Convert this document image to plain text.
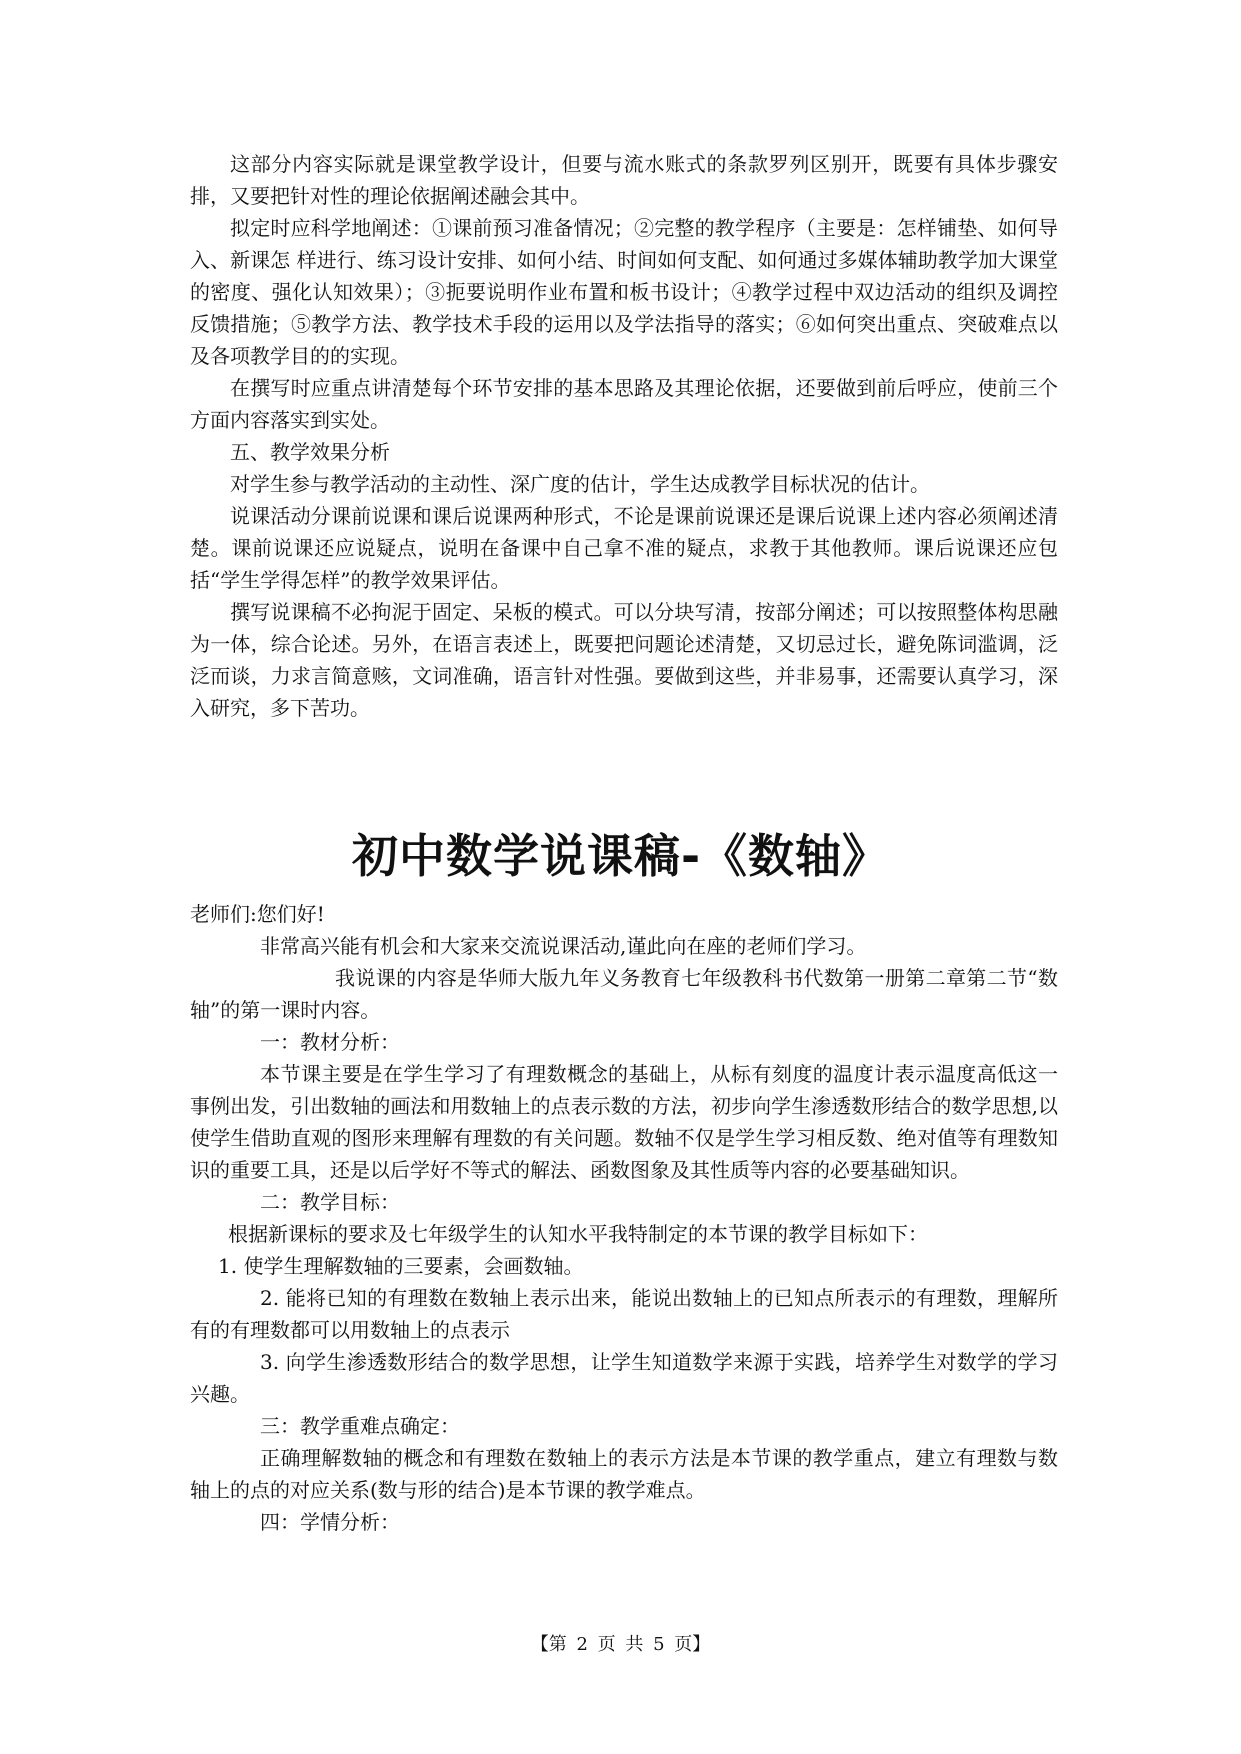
这部分内容实际就是课堂教学设计，但要与流水账式的条款罗列区别开，既要有具体步骤安排，又要把针对性的理论依据阐述融会其中。

拟定时应科学地阐述：①课前预习准备情况；②完整的教学程序（主要是：怎样铺垫、如何导入、新课怎 样进行、练习设计安排、如何小结、时间如何支配、如何通过多媒体辅助教学加大课堂的密度、强化认知效果）；③扼要说明作业布置和板书设计；④教学过程中双边活动的组织及调控反馈措施；⑤教学方法、教学技术手段的运用以及学法指导的落实；⑥如何突出重点、突破难点以及各项教学目的的实现。

在撰写时应重点讲清楚每个环节安排的基本思路及其理论依据，还要做到前后呼应，使前三个方面内容落实到实处。

五、教学效果分析

对学生参与教学活动的主动性、深广度的估计，学生达成教学目标状况的估计。

说课活动分课前说课和课后说课两种形式，不论是课前说课还是课后说课上述内容必须阐述清楚。课前说课还应说疑点，说明在备课中自己拿不准的疑点，求教于其他教师。课后说课还应包括“学生学得怎样”的教学效果评估。

撰写说课稿不必拘泥于固定、呆板的模式。可以分块写清，按部分阐述；可以按照整体构思融为一体，综合论述。另外，在语言表述上，既要把问题论述清楚，又切忌过长，避免陈词滥调，泛泛而谈，力求言简意赅，文词准确，语言针对性强。要做到这些，并非易事，还需要认真学习，深入研究，多下苦功。

初中数学说课稿-《数轴》

老师们:您们好!

非常高兴能有机会和大家来交流说课活动,谨此向在座的老师们学习。

我说课的内容是华师大版九年义务教育七年级教科书代数第一册第二章第二节“数轴”的第一课时内容。

一：教材分析：

本节课主要是在学生学习了有理数概念的基础上，从标有刻度的温度计表示温度高低这一事例出发，引出数轴的画法和用数轴上的点表示数的方法，初步向学生渗透数形结合的数学思想,以使学生借助直观的图形来理解有理数的有关问题。数轴不仅是学生学习相反数、绝对值等有理数知识的重要工具，还是以后学好不等式的解法、函数图象及其性质等内容的必要基础知识。

二：教学目标：

根据新课标的要求及七年级学生的认知水平我特制定的本节课的教学目标如下：

1. 使学生理解数轴的三要素，会画数轴。

2. 能将已知的有理数在数轴上表示出来，能说出数轴上的已知点所表示的有理数，理解所有的有理数都可以用数轴上的点表示

3. 向学生渗透数形结合的数学思想，让学生知道数学来源于实践，培养学生对数学的学习兴趣。

三：教学重难点确定：

正确理解数轴的概念和有理数在数轴上的表示方法是本节课的教学重点，建立有理数与数轴上的点的对应关系(数与形的结合)是本节课的教学难点。

四：学情分析：

【第 2 页 共 5 页】
